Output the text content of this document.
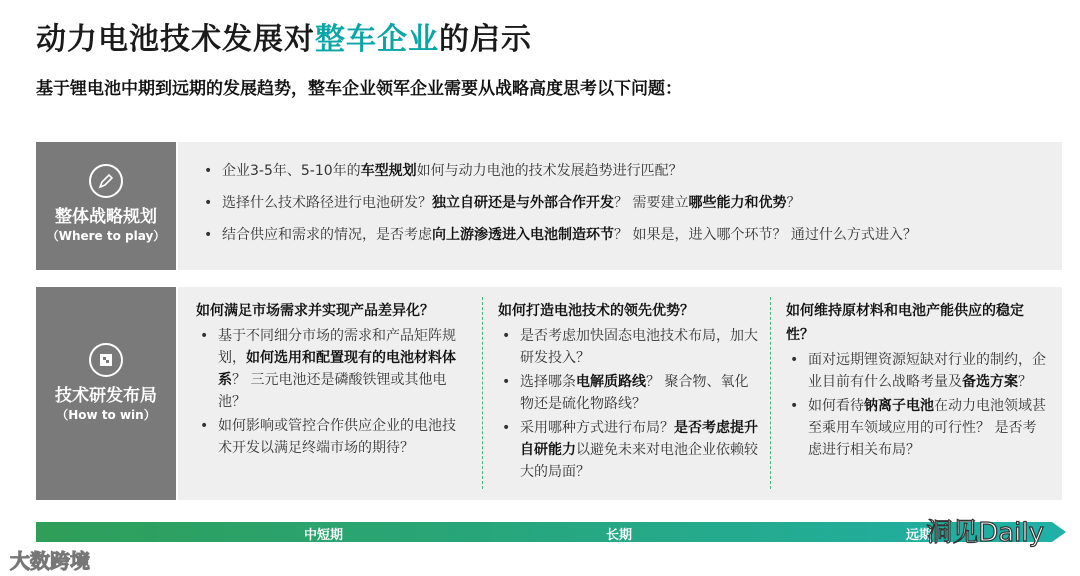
动力电池技术发展对整车企业的启示
基于锂电池中期到远期的发展趋势，整车企业领军企业需要从战略高度思考以下问题：
整体战略规划
（Where to play）
• 企业3-5年、5-10年的车型规划如何与动力电池的技术发展趋势进行匹配？
• 选择什么技术路径进行电池研发？独立自研还是与外部合作开发？ 需要建立哪些能力和优势？
• 结合供应和需求的情况，是否考虑向上游渗透进入电池制造环节？ 如果是，进入哪个环节？ 通过什么方式进入？
技术研发布局
（How to win）
如何满足市场需求并实现产品差异化？
• 基于不同细分市场的需求和产品矩阵规划，如何选用和配置现有的电池材料体系？ 三元电池还是磷酸铁锂或其他电池？
• 如何影响或管控合作供应企业的电池技术开发以满足终端市场的期待？
如何打造电池技术的领先优势？
• 是否考虑加快固态电池技术布局，加大研发投入？
• 选择哪条电解质路线？ 聚合物、氧化物还是硫化物路线？
• 采用哪种方式进行布局？是否考虑提升自研能力以避免未来对电池企业依赖较大的局面？
如何维持原材料和电池产能供应的稳定性？
• 面对远期锂资源短缺对行业的制约，企业目前有什么战略考量及备选方案？
• 如何看待钠离子电池在动力电池领域甚至乘用车领域应用的可行性？ 是否考虑进行相关布局？
中短期	长期	远期
大数跨境
洞见Daily
